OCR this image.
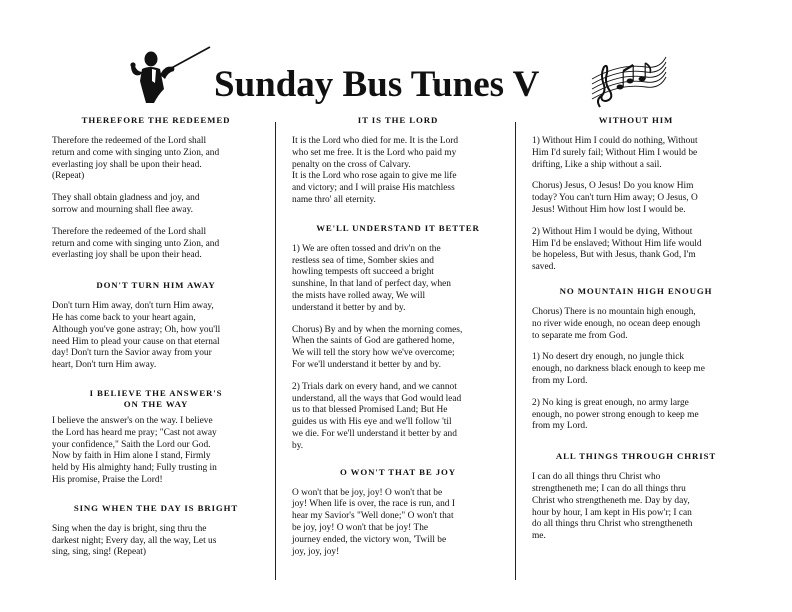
Sunday Bus Tunes V
THEREFORE THE REDEEMED
Therefore the redeemed of the Lord shall
return and come with singing unto Zion, and
everlasting joy shall be upon their head.
(Repeat)
They shall obtain gladness and joy, and
sorrow and mourning shall flee away.
Therefore the redeemed of the Lord shall
return and come with singing unto Zion, and
everlasting joy shall be upon their head.
DON'T TURN HIM AWAY
Don't turn Him away, don't turn Him away,
He has come back to your heart again,
Although you've gone astray; Oh, how you'll
need Him to plead your cause on that eternal
day! Don't turn the Savior away from your
heart, Don't turn Him away.
I BELIEVE THE ANSWER'S
ON THE WAY
I believe the answer's on the way. I believe
the Lord has heard me pray; "Cast not away
your confidence," Saith the Lord our God.
Now by faith in Him alone I stand, Firmly
held by His almighty hand; Fully trusting in
His promise, Praise the Lord!
SING WHEN THE DAY IS BRIGHT
Sing when the day is bright, sing thru the
darkest night; Every day, all the way, Let us
sing, sing, sing! (Repeat)
IT IS THE LORD
It is the Lord who died for me. It is the Lord
who set me free. It is the Lord who paid my
penalty on the cross of Calvary.
It is the Lord who rose again to give me life
and victory; and I will praise His matchless
name thro' all eternity.
WE'LL UNDERSTAND IT BETTER
1) We are often tossed and driv'n on the
restless sea of time, Somber skies and
howling tempests oft succeed a bright
sunshine, In that land of perfect day, when
the mists have rolled away, We will
understand it better by and by.
Chorus) By and by when the morning comes,
When the saints of God are gathered home,
We will tell the story how we've overcome;
For we'll understand it better by and by.
2) Trials dark on every hand, and we cannot
understand, all the ways that God would lead
us to that blessed Promised Land; But He
guides us with His eye and we'll follow 'til
we die. For we'll understand it better by and
by.
O WON'T THAT BE JOY
O won't that be joy, joy! O won't that be
joy! When life is over, the race is run, and I
hear my Savior's "Well done;" O won't that
be joy, joy! O won't that be joy! The
journey ended, the victory won, 'Twill be
joy, joy, joy!
WITHOUT HIM
1) Without Him I could do nothing, Without
Him I'd surely fail; Without Him I would be
drifting, Like a ship without a sail.
Chorus) Jesus, O Jesus! Do you know Him
today? You can't turn Him away; O Jesus, O
Jesus! Without Him how lost I would be.
2) Without Him I would be dying, Without
Him I'd be enslaved; Without Him life would
be hopeless, But with Jesus, thank God, I'm
saved.
NO MOUNTAIN HIGH ENOUGH
Chorus) There is no mountain high enough,
no river wide enough, no ocean deep enough
to separate me from God.
1) No desert dry enough, no jungle thick
enough, no darkness black enough to keep me
from my Lord.
2) No king is great enough, no army large
enough, no power strong enough to keep me
from my Lord.
ALL THINGS THROUGH CHRIST
I can do all things thru Christ who
strengtheneth me; I can do all things thru
Christ who strengtheneth me. Day by day,
hour by hour, I am kept in His pow'r; I can
do all things thru Christ who strengtheneth
me.
